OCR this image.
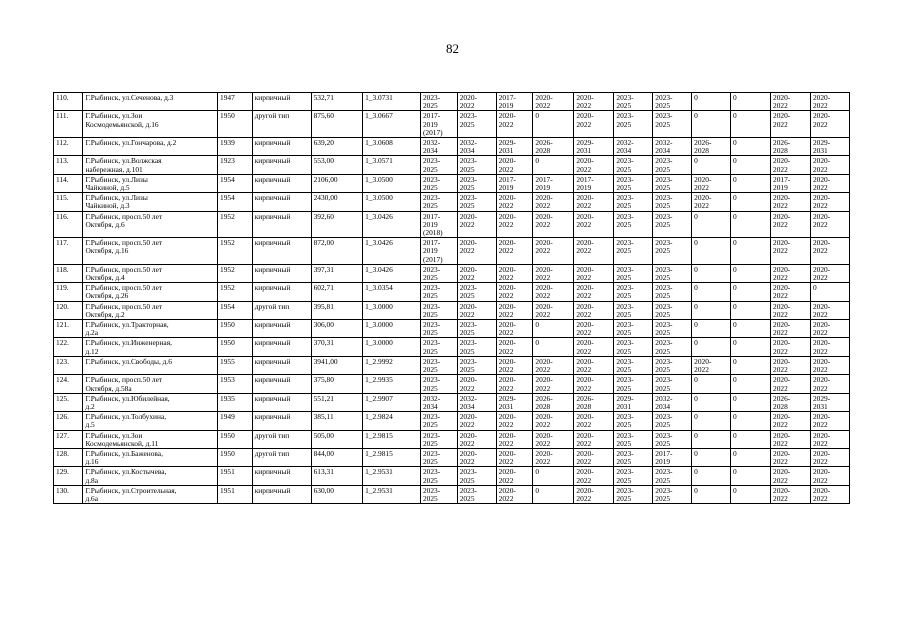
82
110.	Г.Рыбинск, ул.Сеченова, д.3	1947	кирпичный	532,71	1_3.0731	2023-
2025	2020-
2022	2017-
2019	2020-
2022	2020-
2022	2023-
2025	2023-
2025	0	0	2020-
2022	2020-
2022
111.	Г.Рыбинск, ул.Зои
Космодемьянской, д.16	1950	другой тип	875,60	1_3.0667	2017-
2019
(2017)	2023-
2025	2020-
2022	0	2020-
2022	2023-
2025	2023-
2025	0	0	2020-
2022	2020-
2022
112.	Г.Рыбинск, ул.Гончарова, д.2	1939	кирпичный	639,20	1_3.0608	2032-
2034	2032-
2034	2029-
2031	2026-
2028	2029-
2031	2032-
2034	2032-
2034	2026-
2028	0	2026-
2028	2029-
2031
113.	Г.Рыбинск, ул.Волжская
набережная, д.101	1923	кирпичный	553,00	1_3.0571	2023-
2025	2023-
2025	2020-
2022	0	2020-
2022	2023-
2025	2023-
2025	0	0	2020-
2022	2020-
2022
114.	Г.Рыбинск, ул.Лизы
Чайкиной, д.5	1954	кирпичный	2106,00	1_3.0500	2023-
2025	2023-
2025	2017-
2019	2017-
2019	2017-
2019	2023-
2025	2023-
2025	2020-
2022	0	2017-
2019	2020-
2022
115.	Г.Рыбинск, ул.Лизы
Чайкиной, д.3	1954	кирпичный	2430,00	1_3.0500	2023-
2025	2023-
2025	2020-
2022	2020-
2022	2020-
2022	2023-
2025	2023-
2025	2020-
2022	0	2020-
2022	2020-
2022
116.	Г.Рыбинск, просп.50 лет
Октября, д.6	1952	кирпичный	392,60	1_3.0426	2017-
2019
(2018)	2020-
2022	2020-
2022	2020-
2022	2020-
2022	2023-
2025	2023-
2025	0	0	2020-
2022	2020-
2022
117.	Г.Рыбинск, просп.50 лет
Октября, д.16	1952	кирпичный	872,00	1_3.0426	2017-
2019
(2017)	2020-
2022	2020-
2022	2020-
2022	2020-
2022	2023-
2025	2023-
2025	0	0	2020-
2022	2020-
2022
118.	Г.Рыбинск, просп.50 лет
Октября, д.4	1952	кирпичный	397,31	1_3.0426	2023-
2025	2020-
2022	2020-
2022	2020-
2022	2020-
2022	2023-
2025	2023-
2025	0	0	2020-
2022	2020-
2022
119.	Г.Рыбинск, просп.50 лет
Октября, д.26	1952	кирпичный	602,71	1_3.0354	2023-
2025	2023-
2025	2020-
2022	2020-
2022	2020-
2022	2023-
2025	2023-
2025	0	0	2020-
2022	0
120.	Г.Рыбинск, просп.50 лет
Октября, д.2	1954	другой тип	395,81	1_3.0000	2023-
2025	2020-
2022	2020-
2022	2020-
2022	2020-
2022	2023-
2025	2023-
2025	0	0	2020-
2022	2020-
2022
121.	Г.Рыбинск, ул.Тракторная,
д.2а	1950	кирпичный	306,00	1_3.0000	2023-
2025	2023-
2025	2020-
2022	0	2020-
2022	2023-
2025	2023-
2025	0	0	2020-
2022	2020-
2022
122.	Г.Рыбинск, ул.Инженерная,
д.12	1950	кирпичный	370,31	1_3.0000	2023-
2025	2023-
2025	2020-
2022	0	2020-
2022	2023-
2025	2023-
2025	0	0	2020-
2022	2020-
2022
123.	Г.Рыбинск, ул.Свободы, д.6	1955	кирпичный	3941,00	1_2.9992	2023-
2025	2023-
2025	2020-
2022	2020-
2022	2020-
2022	2023-
2025	2023-
2025	2020-
2022	0	2020-
2022	2020-
2022
124.	Г.Рыбинск, просп.50 лет
Октября, д.58а	1953	кирпичный	375,80	1_2.9935	2023-
2025	2020-
2022	2020-
2022	2020-
2022	2020-
2022	2023-
2025	2023-
2025	0	0	2020-
2022	2020-
2022
125.	Г.Рыбинск, ул.Юбилейная,
д.2	1935	кирпичный	551,21	1_2.9907	2032-
2034	2032-
2034	2029-
2031	2026-
2028	2026-
2028	2029-
2031	2032-
2034	0	0	2026-
2028	2029-
2031
126.	Г.Рыбинск, ул.Толбухина,
д.5	1949	кирпичный	385,11	1_2.9824	2023-
2025	2020-
2022	2020-
2022	2020-
2022	2020-
2022	2023-
2025	2023-
2025	0	0	2020-
2022	2020-
2022
127.	Г.Рыбинск, ул.Зои
Космодемьянской, д.11	1950	другой тип	505,00	1_2.9815	2023-
2025	2020-
2022	2020-
2022	2020-
2022	2020-
2022	2023-
2025	2023-
2025	0	0	2020-
2022	2020-
2022
128.	Г.Рыбинск, ул.Баженова,
д.16	1950	другой тип	844,00	1_2.9815	2023-
2025	2020-
2022	2020-
2022	2020-
2022	2020-
2022	2023-
2025	2017-
2019	0	0	2020-
2022	2020-
2022
129.	Г.Рыбинск, ул.Костычева,
д.8а	1951	кирпичный	613,31	1_2.9531	2023-
2025	2023-
2025	2020-
2022	0	2020-
2022	2023-
2025	2023-
2025	0	0	2020-
2022	2020-
2022
130.	Г.Рыбинск, ул.Строительная,
д.6а	1951	кирпичный	630,00	1_2.9531	2023-
2025	2023-
2025	2020-
2022	0	2020-
2022	2023-
2025	2023-
2025	0	0	2020-
2022	2020-
2022
